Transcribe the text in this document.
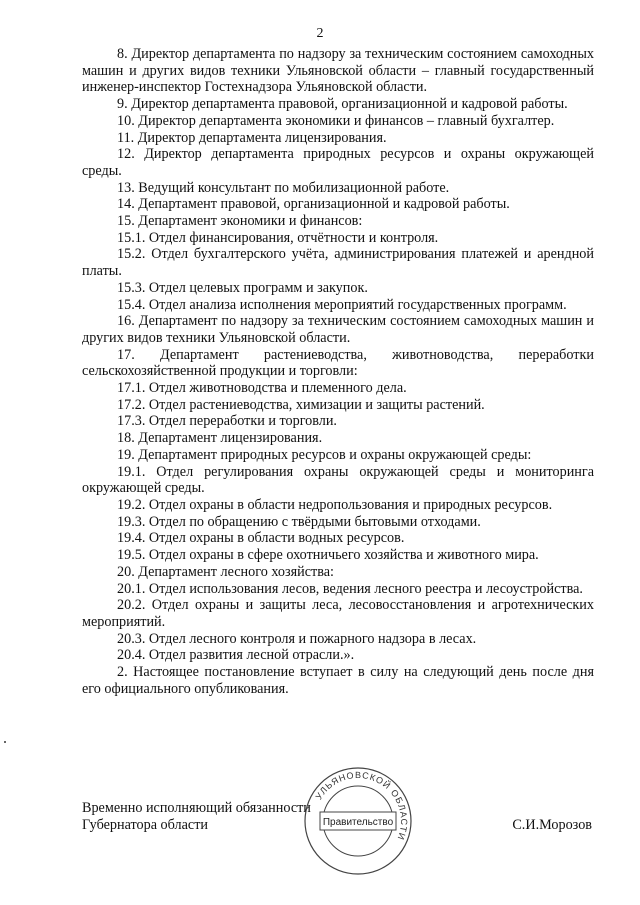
2

8. Директор департамента по надзору за техническим состоянием самоходных машин и других видов техники Ульяновской области – главный государственный инженер-инспектор Гостехнадзора Ульяновской области.

9. Директор департамента правовой, организационной и кадровой работы.

10. Директор департамента экономики и финансов – главный бухгалтер.

11. Директор департамента лицензирования.

12. Директор департамента природных ресурсов и охраны окружающей среды.

13. Ведущий консультант по мобилизационной работе.

14. Департамент правовой, организационной и кадровой работы.

15. Департамент экономики и финансов:

15.1. Отдел финансирования, отчётности и контроля.

15.2. Отдел бухгалтерского учёта, администрирования платежей и арендной платы.

15.3. Отдел целевых программ и закупок.

15.4. Отдел анализа исполнения мероприятий государственных программ.

16. Департамент по надзору за техническим состоянием самоходных машин и других видов техники Ульяновской области.

17. Департамент растениеводства, животноводства, переработки сельскохозяйственной продукции и торговли:

17.1. Отдел животноводства и племенного дела.

17.2. Отдел растениеводства, химизации и защиты растений.

17.3. Отдел переработки и торговли.

18. Департамент лицензирования.

19. Департамент природных ресурсов и охраны окружающей среды:

19.1. Отдел регулирования охраны окружающей среды и мониторинга окружающей среды.

19.2. Отдел охраны в области недропользования и природных ресурсов.

19.3. Отдел по обращению с твёрдыми бытовыми отходами.

19.4. Отдел охраны в области водных ресурсов.

19.5. Отдел охраны в сфере охотничьего хозяйства и животного мира.

20. Департамент лесного хозяйства:

20.1. Отдел использования лесов, ведения лесного реестра и лесоустройства.

20.2. Отдел охраны и защиты леса, лесовосстановления и агротехнических мероприятий.

20.3. Отдел лесного контроля и пожарного надзора в лесах.

20.4. Отдел развития лесной отрасли.».

2. Настоящее постановление вступает в силу на следующий день после дня его официального опубликования.

Временно исполняющий обязанности
Губернатора области
УЛЬЯНОВСКОЙ ОБЛАСТИ
Правительство	С.И.Морозов
